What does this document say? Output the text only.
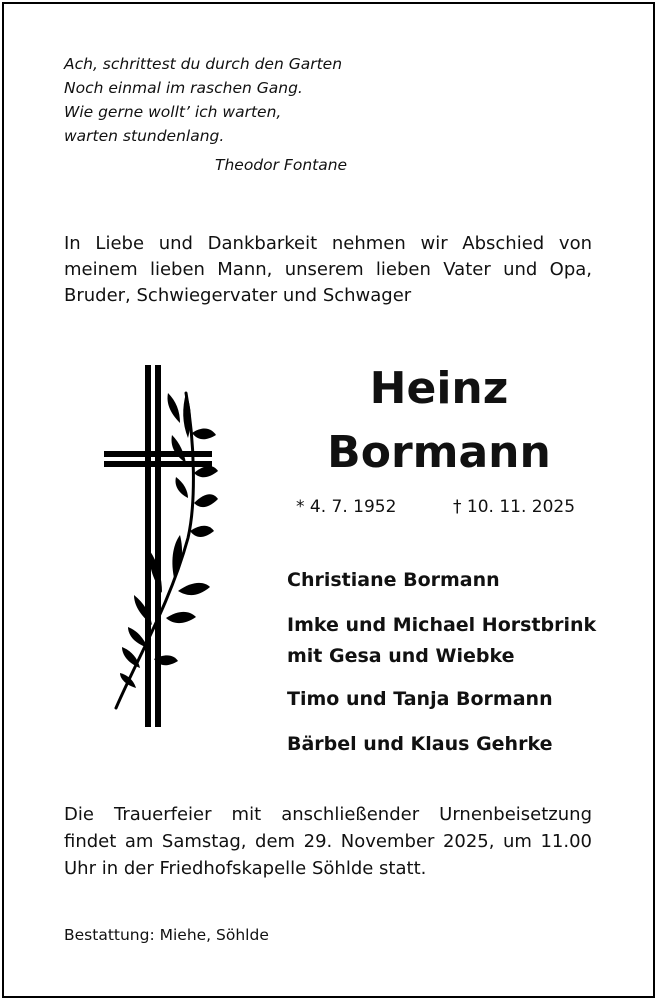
Ach, schrittest du durch den Garten
Noch einmal im raschen Gang.
Wie gerne wollt’ ich warten,
warten stundenlang.
Theodor Fontane
In Liebe und Dankbarkeit nehmen wir Abschied von meinem lieben Mann, unserem lieben Vater und Opa, Bruder, Schwiegervater und Schwager
Heinz
Bormann
* 4. 7. 1952	† 10. 11. 2025
Christiane Bormann
Imke und Michael Horstbrink
mit Gesa und Wiebke
Timo und Tanja Bormann
Bärbel und Klaus Gehrke
Die Trauerfeier mit anschließender Urnenbeisetzung findet am Samstag, dem 29. November 2025, um 11.00 Uhr in der Friedhofskapelle Söhlde statt.
Bestattung: Miehe, Söhlde
